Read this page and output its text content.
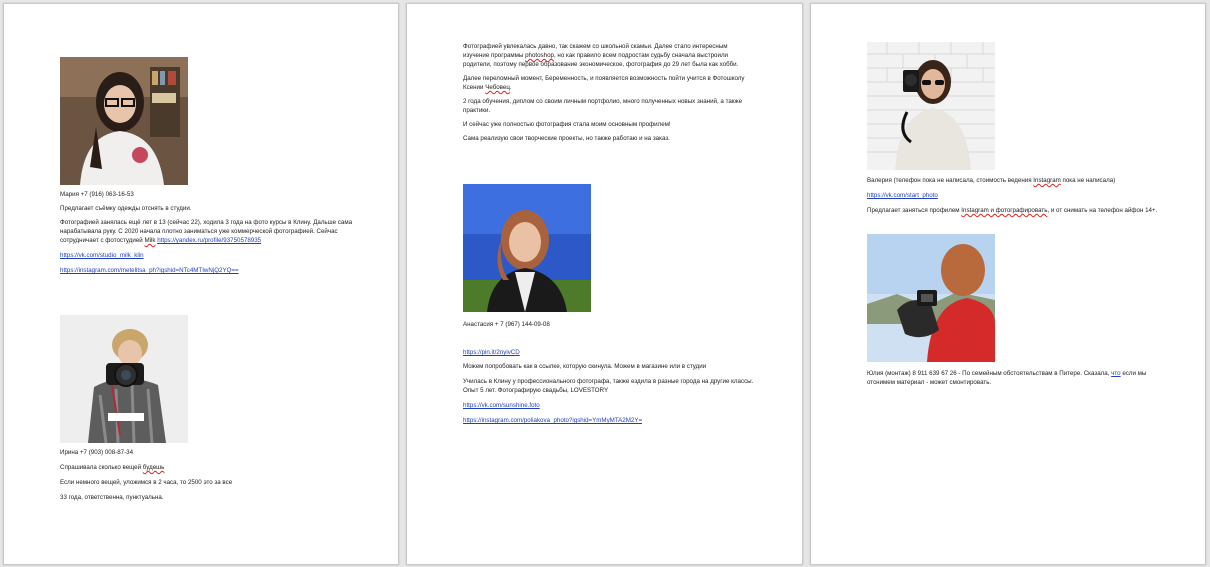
Мария +7 (916) 063-16-53
Предлагает съёмку одежды отснять в студии.
Фотографией занялась ещё лет в 13 (сейчас 22), ходила 3 года на фото курсы в Клину. Дальше сама
нарабатывала руку. С 2020 начала плотно заниматься уже коммерческой фотографией. Сейчас
сотрудничает с фотостудией Milk https://yandex.ru/profile/93750578935
https://vk.com/studio_milk_klin
https://instagram.com/metelitsa_ph?igshid=NTc4MTIwNjQ2YQ==
Ирина +7 (903) 008-87-34
Спрашивала сколько вещей будешь
Если немного вещей, уложимся в 2 часа, то 2500 это за все
33 года, ответственна, пунктуальна.
Фотографией увлекалась давно, так скажем со школьной скамьи. Далее стало интересным
изучение программы photoshop, но как правило всем подростам судьбу сначала выстроили
родители, поэтому первое образование экономическое, фотография до 29 лет была как хобби.
Далее переломный момент, Беременность, и появляется возможность пойти учится в Фотошколу
Ксении Чебовец.
2 года обучения, диплом со своим личным портфолио, много полученных новых знаний, а также
практики.
И сейчас уже полностью фотография стала моим основным профилем!
Сама реализую свои творческие проекты, но также работаю и на заказ.
Анастасия + 7 (967) 144-09-08
https://pin.it/2nyivCD
Можем попробовать как в ссылке, которую скинула. Можем в магазине или в студии
Училась в Клину у профессионального фотографа, также ездила в разные города на другие классы.
Опыт 5 лет. Фотографирую свадьбы, LOVESTORY
https://vk.com/sunshine.foto
https://instagram.com/poliakova_photo?igshid=YmMyMTA2M2Y=
Валерия (телефон пока не написала, стоимость ведения Instagram пока не написала)
https://vk.com/start_photo
Предлагает заняться профилем Instagram и фотографировать, и от снимать на телефон айфон 14+.
Юлия (монтаж) 8 911 639 67 26 - По семейным обстоятельствам в Питере. Сказала, что если мы
отснимем материал - может смонтировать.
